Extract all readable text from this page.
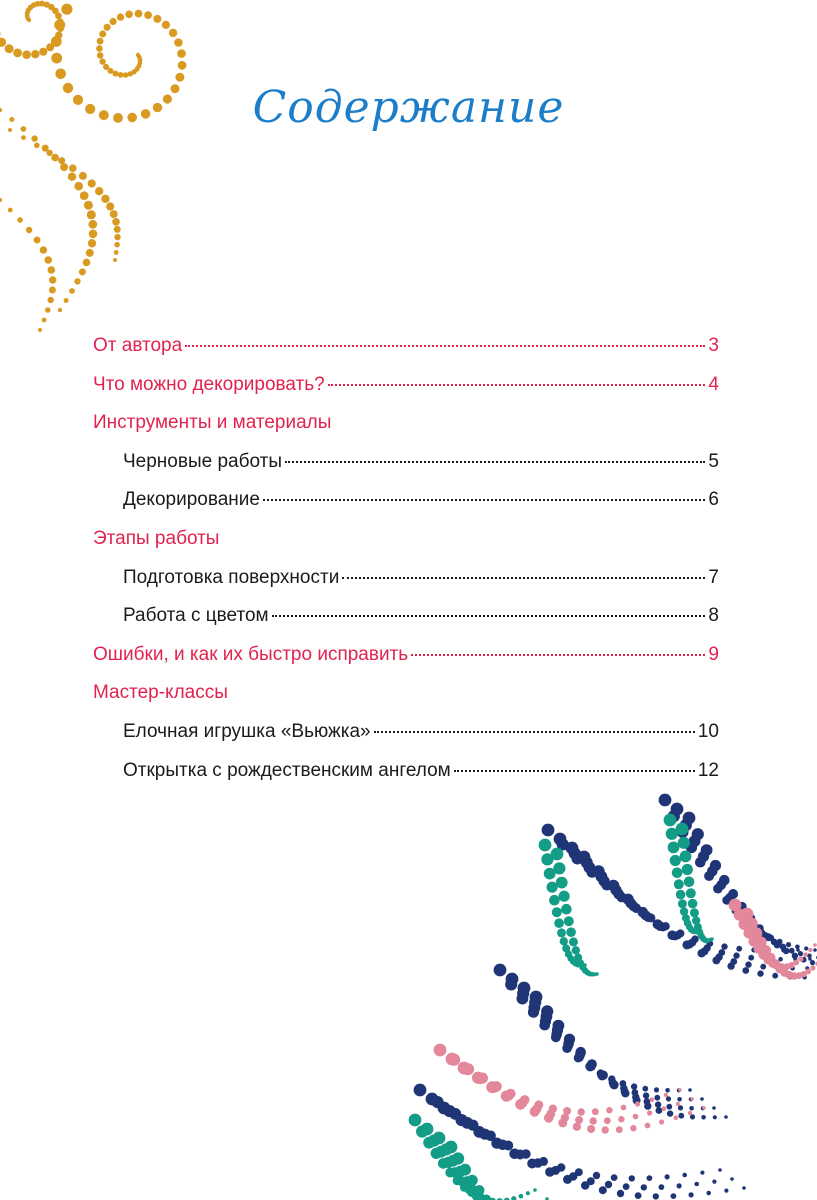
Содержание
От автора	3
Что можно декорировать?	4
Инструменты и материалы
Черновые работы	5
Декорирование	6
Этапы работы
Подготовка поверхности	7
Работа с цветом	8
Ошибки, и как их быстро исправить	9
Мастер-классы
Елочная игрушка «Вьюжка»	10
Открытка с рождественским ангелом	12
